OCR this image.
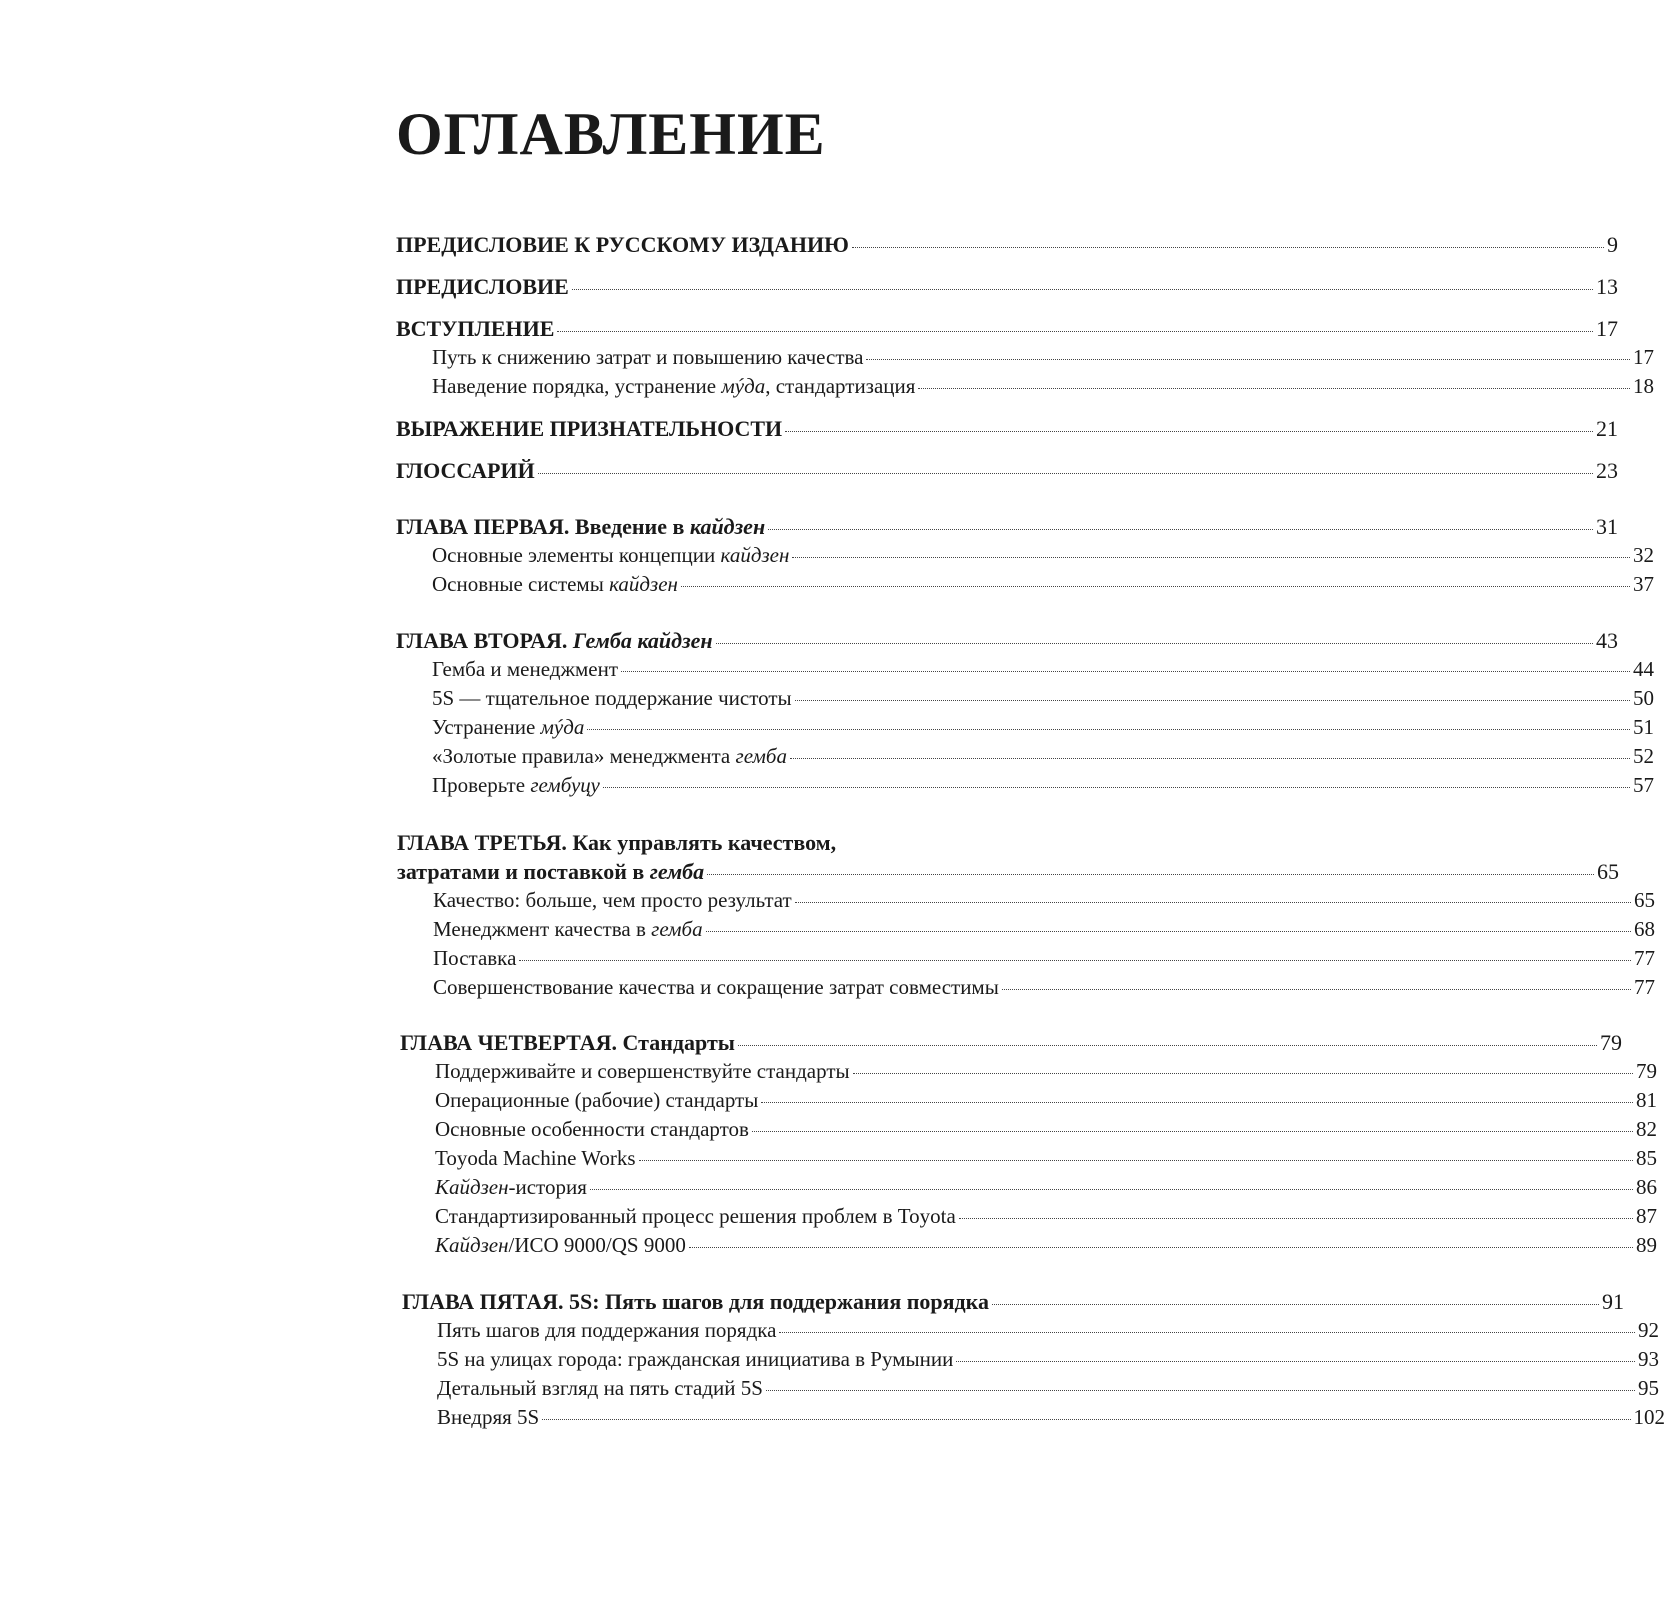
ОГЛАВЛЕНИЕ
ПРЕДИСЛОВИЕ К РУССКОМУ ИЗДАНИЮ	9
ПРЕДИСЛОВИЕ	13
ВСТУПЛЕНИЕ	17
Путь к снижению затрат и повышению качества	17
Наведение порядка, устранение мýда, стандартизация	18
ВЫРАЖЕНИЕ ПРИЗНАТЕЛЬНОСТИ	21
ГЛОССАРИЙ	23
ГЛАВА ПЕРВАЯ. Введение в кайдзен	31
Основные элементы концепции кайдзен	32
Основные системы кайдзен	37
ГЛАВА ВТОРАЯ. Гемба кайдзен	43
Гемба и менеджмент	44
5S — тщательное поддержание чистоты	50
Устранение мýда	51
«Золотые правила» менеджмента гемба	52
Проверьте гембуцу	57
ГЛАВА ТРЕТЬЯ. Как управлять качеством,
затратами и поставкой в гемба	65
Качество: больше, чем просто результат	65
Менеджмент качества в гемба	68
Поставка	77
Совершенствование качества и сокращение затрат совместимы	77
ГЛАВА ЧЕТВЕРТАЯ. Стандарты	79
Поддерживайте и совершенствуйте стандарты	79
Операционные (рабочие) стандарты	81
Основные особенности стандартов	82
Toyoda Machine Works	85
Кайдзен-история	86
Стандартизированный процесс решения проблем в Toyota	87
Кайдзен/ИСО 9000/QS 9000	89
ГЛАВА ПЯТАЯ. 5S: Пять шагов для поддержания порядка	91
Пять шагов для поддержания порядка	92
5S на улицах города: гражданская инициатива в Румынии	93
Детальный взгляд на пять стадий 5S	95
Внедряя 5S	102
